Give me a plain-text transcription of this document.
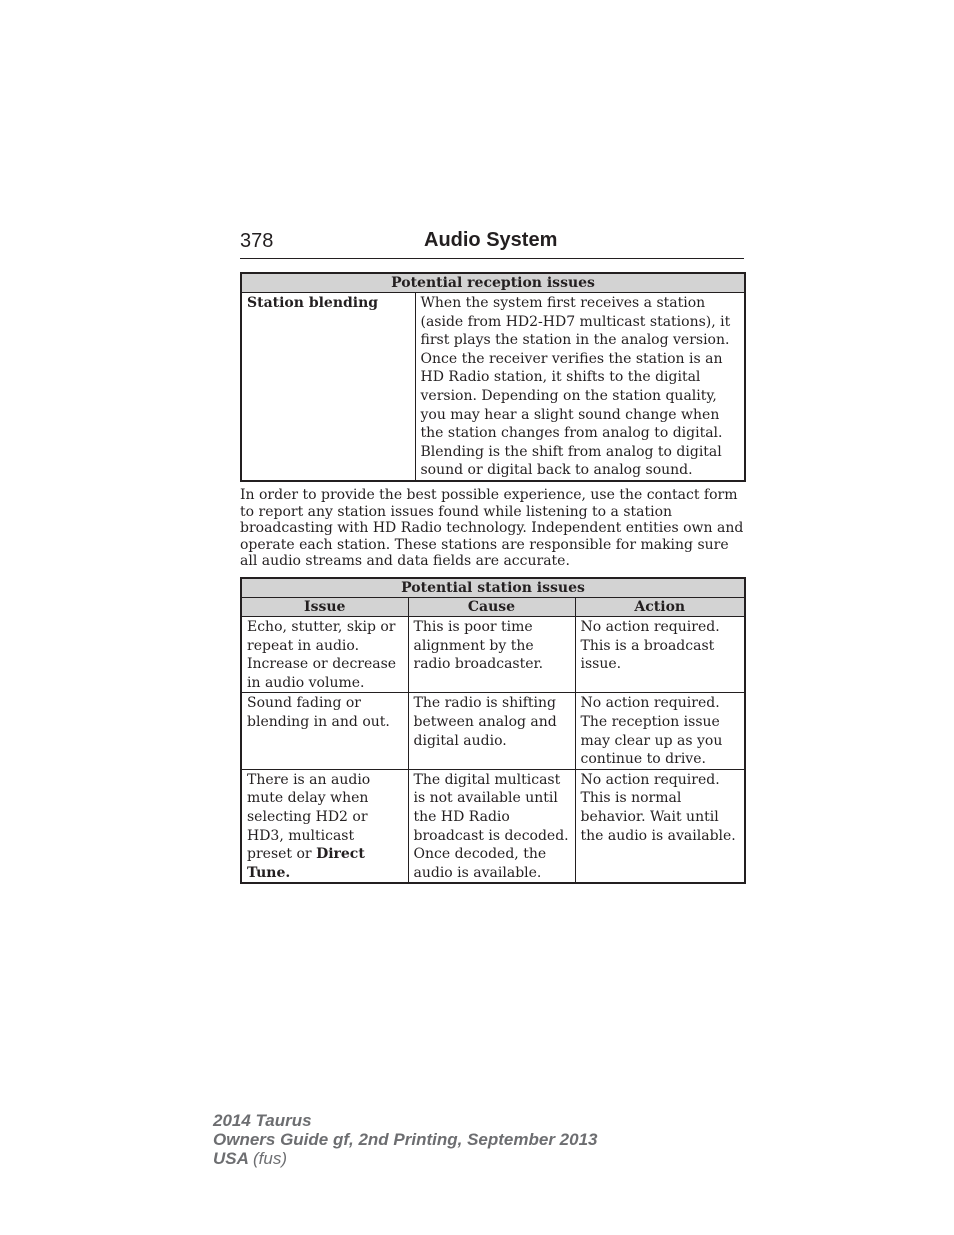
378	Audio System
Potential reception issues
Station blending	When the system first receives a station (aside from HD2-HD7 multicast stations), it first plays the station in the analog version. Once the receiver verifies the station is an HD Radio station, it shifts to the digital version. Depending on the station quality, you may hear a slight sound change when the station changes from analog to digital. Blending is the shift from analog to digital sound or digital back to analog sound.
In order to provide the best possible experience, use the contact form to report any station issues found while listening to a station broadcasting with HD Radio technology. Independent entities own and operate each station. These stations are responsible for making sure all audio streams and data fields are accurate.
Potential station issues		
Issue	Cause	Action
Echo, stutter, skip or repeat in audio. Increase or decrease in audio volume.	This is poor time alignment by the radio broadcaster.	No action required. This is a broadcast issue.
Sound fading or blending in and out.	The radio is shifting between analog and digital audio.	No action required. The reception issue may clear up as you continue to drive.
There is an audio mute delay when selecting HD2 or HD3, multicast preset or Direct Tune.	The digital multicast is not available until the HD Radio broadcast is decoded. Once decoded, the audio is available.	No action required. This is normal behavior. Wait until the audio is available.
2014 Taurus
Owners Guide gf, 2nd Printing, September 2013
USA (fus)
